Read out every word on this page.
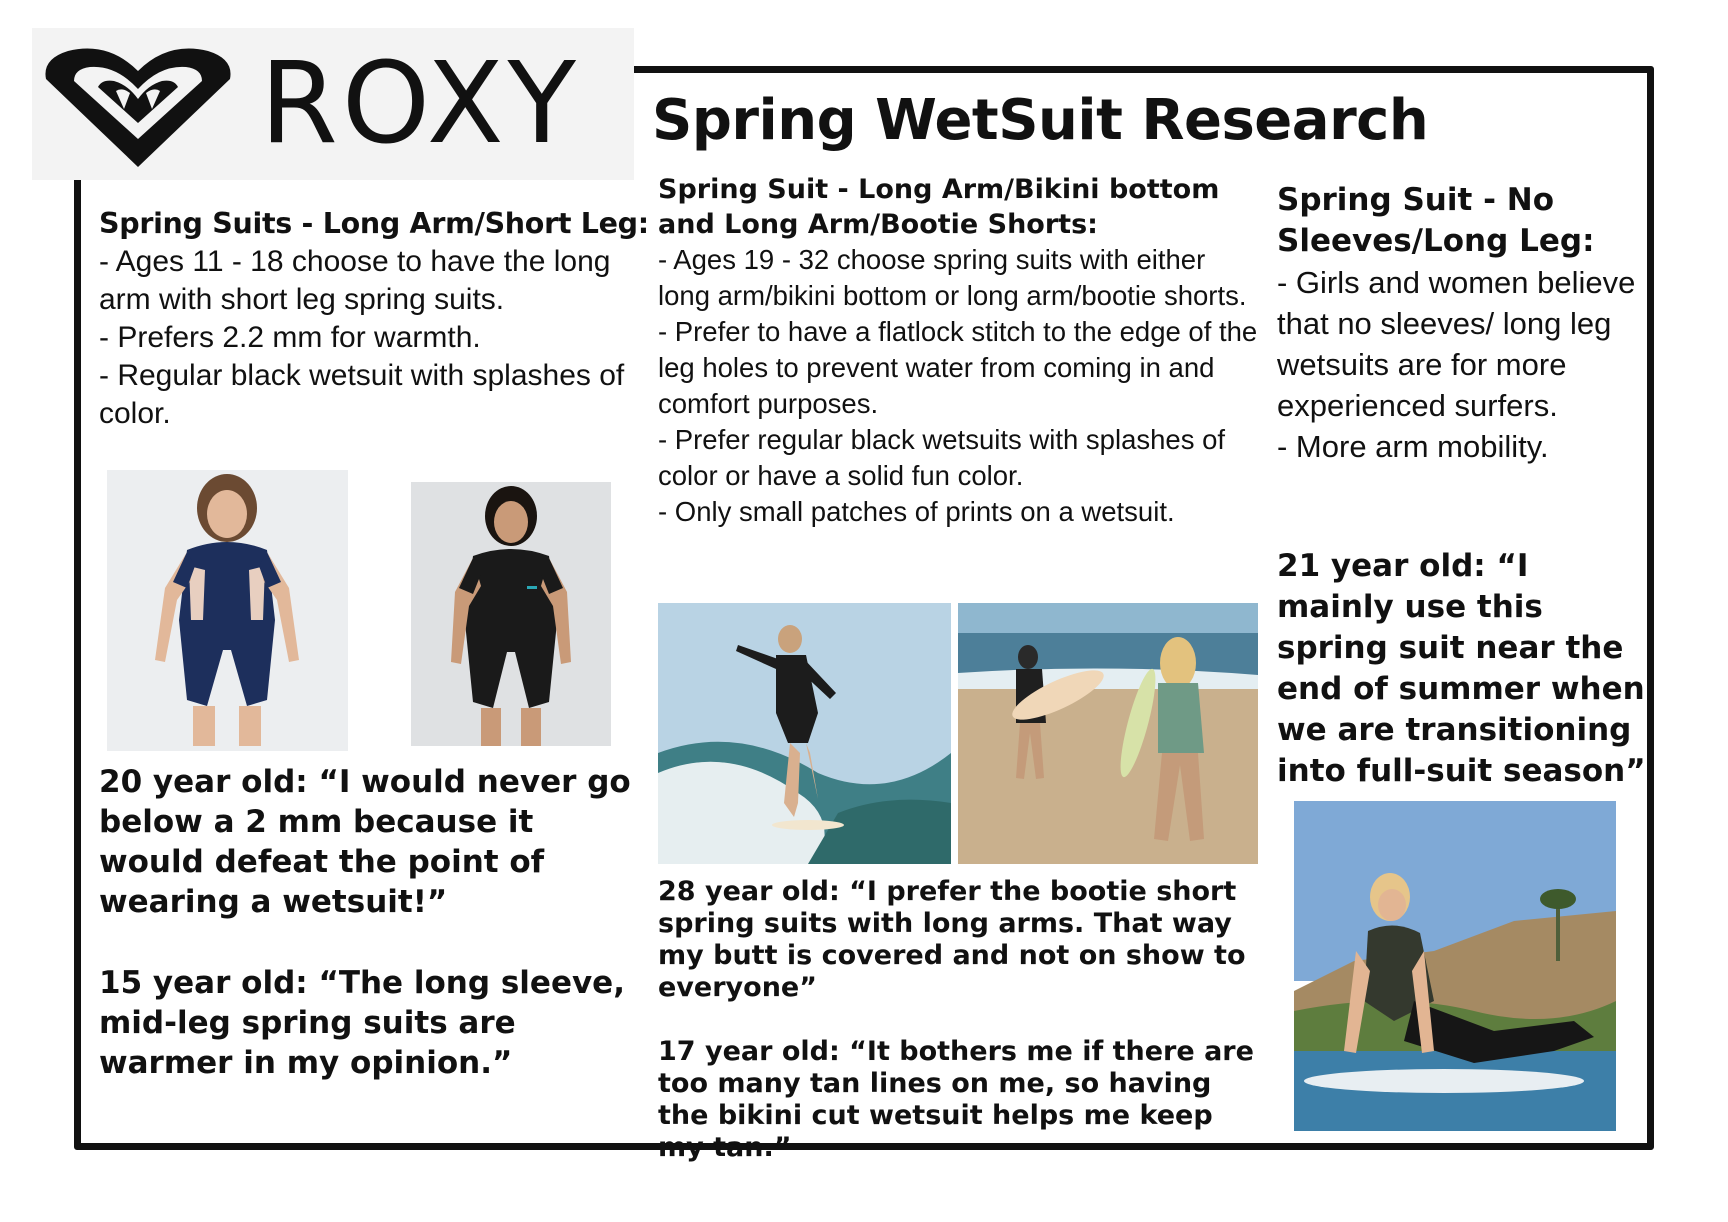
ROXY Spring WetSuit Research
Spring Suits - Long Arm/Short Leg:
- Ages 11 - 18 choose to have the long arm with short leg spring suits.
- Prefers 2.2 mm for warmth.
- Regular black wetsuit with splashes of color.
20 year old: “I would never go below a 2 mm because it would defeat the point of wearing a wetsuit!”
15 year old: “The long sleeve, mid-leg spring suits are warmer in my opinion.”
Spring Suit - Long Arm/Bikini bottom and Long Arm/Bootie Shorts:
- Ages 19 - 32 choose spring suits with either long arm/bikini bottom or long arm/bootie shorts.
- Prefer to have a flatlock stitch to the edge of the leg holes to prevent water from coming in and comfort purposes.
- Prefer regular black wetsuits with splashes of color or have a solid fun color.
- Only small patches of prints on a wetsuit.
28 year old: “I prefer the bootie short spring suits with long arms. That way my butt is covered and not on show to everyone”
17 year old: “It bothers me if there are too many tan lines on me, so having the bikini cut wetsuit helps me keep my tan.”
Spring Suit - No Sleeves/Long Leg:
- Girls and women believe that no sleeves/ long leg wetsuits are for more experienced surfers.
- More arm mobility.
21 year old: “I mainly use this spring suit near the end of summer when we are transitioning into full-suit season”
